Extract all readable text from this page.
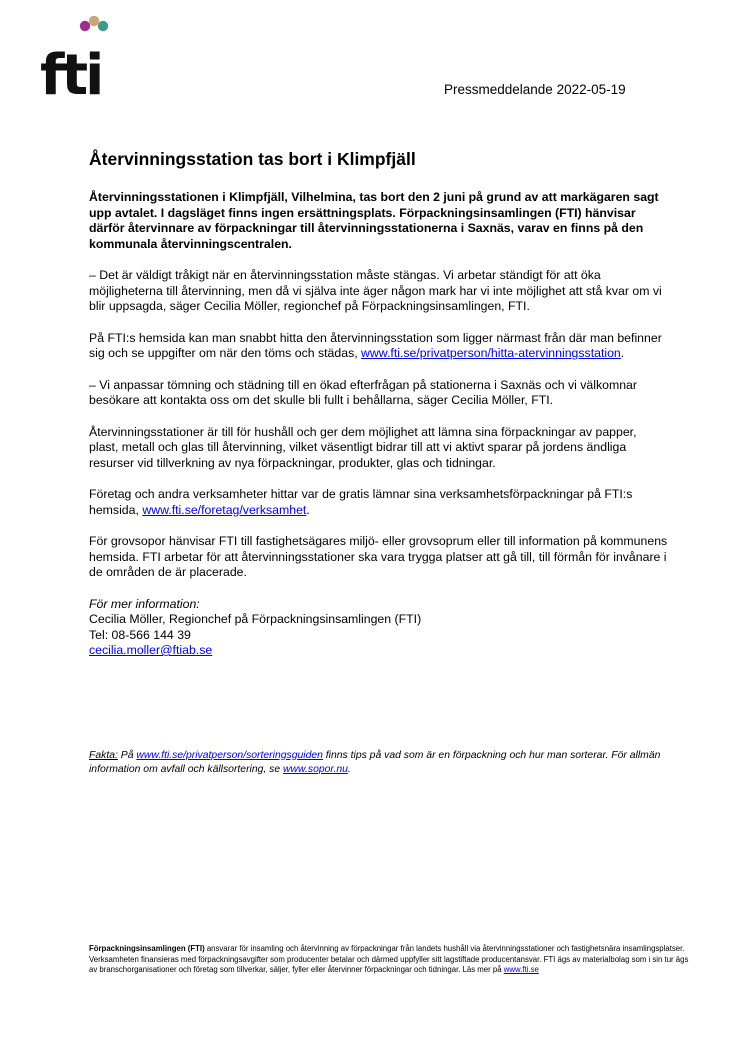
fti	Pressmeddelande 2022-05-19
Återvinningsstation tas bort i Klimpfjäll

Återvinningsstationen i Klimpfjäll, Vilhelmina, tas bort den 2 juni på grund av att markägaren sagt upp avtalet. I dagsläget finns ingen ersättningsplats. Förpackningsinsamlingen (FTI) hänvisar därför återvinnare av förpackningar till återvinningsstationerna i Saxnäs, varav en finns på den kommunala återvinningscentralen.

– Det är väldigt tråkigt när en återvinningsstation måste stängas. Vi arbetar ständigt för att öka möjligheterna till återvinning, men då vi själva inte äger någon mark har vi inte möjlighet att stå kvar om vi blir uppsagda, säger Cecilia Möller, regionchef på Förpackningsinsamlingen, FTI.

På FTI:s hemsida kan man snabbt hitta den återvinningsstation som ligger närmast från där man befinner sig och se uppgifter om när den töms och städas, www.fti.se/privatperson/hitta-atervinningsstation.

– Vi anpassar tömning och städning till en ökad efterfrågan på stationerna i Saxnäs och vi välkomnar besökare att kontakta oss om det skulle bli fullt i behållarna, säger Cecilia Möller, FTI.

Återvinningsstationer är till för hushåll och ger dem möjlighet att lämna sina förpackningar av papper, plast, metall och glas till återvinning, vilket väsentligt bidrar till att vi aktivt sparar på jordens ändliga resurser vid tillverkning av nya förpackningar, produkter, glas och tidningar.

Företag och andra verksamheter hittar var de gratis lämnar sina verksamhetsförpackningar på FTI:s hemsida, www.fti.se/foretag/verksamhet.

För grovsopor hänvisar FTI till fastighetsägares miljö- eller grovsoprum eller till information på kommunens hemsida. FTI arbetar för att återvinningsstationer ska vara trygga platser att gå till, till förmån för invånare i de områden de är placerade.

För mer information:
Cecilia Möller, Regionchef på Förpackningsinsamlingen (FTI)
Tel: 08-566 144 39
cecilia.moller@ftiab.se
Fakta: På www.fti.se/privatperson/sorteringsguiden finns tips på vad som är en förpackning och hur man sorterar. För allmän information om avfall och källsortering, se www.sopor.nu.
Förpackningsinsamlingen (FTI) ansvarar för insamling och återvinning av förpackningar från landets hushåll via återvinningsstationer och fastighetsnära insamlingsplatser. Verksamheten finansieras med förpackningsavgifter som producenter betalar och därmed uppfyller sitt lagstiftade producentansvar. FTI ägs av materialbolag som i sin tur ägs av branschorganisationer och företag som tillverkar, säljer, fyller eller återvinner förpackningar och tidningar. Läs mer på www.fti.se
